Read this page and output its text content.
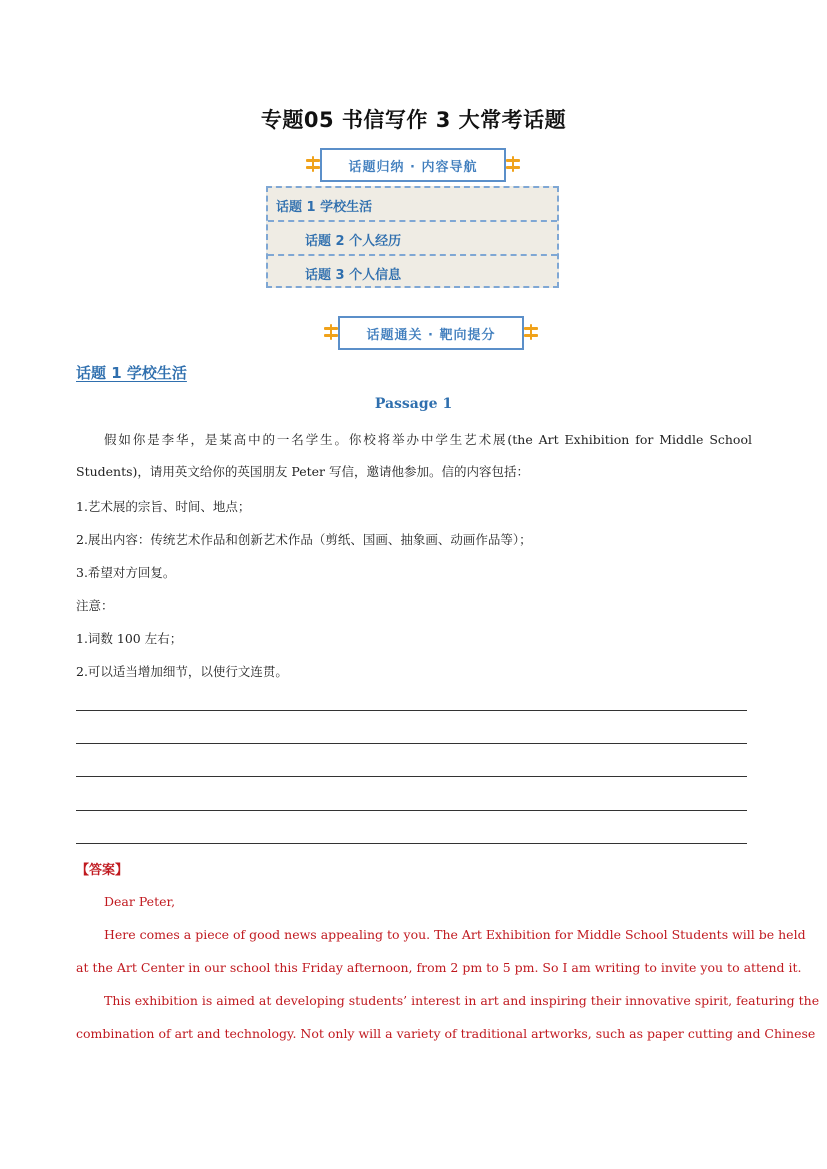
专题05 书信写作 3 大常考话题
话题归纳 · 内容导航
话题 1 学校生活
话题 2 个人经历
话题 3 个人信息
话题通关 · 靶向提分
话题 1 学校生活
Passage 1
假如你是李华，是某高中的一名学生。你校将举办中学生艺术展(the Art Exhibition for Middle School
Students)，请用英文给你的英国朋友 Peter 写信，邀请他参加。信的内容包括：
1.艺术展的宗旨、时间、地点；
2.展出内容：传统艺术作品和创新艺术作品（剪纸、国画、抽象画、动画作品等）；
3.希望对方回复。
注意：
1.词数 100 左右；
2.可以适当增加细节，以使行文连贯。
【答案】
Dear Peter,
Here comes a piece of good news appealing to you. The Art Exhibition for Middle School Students will be held
at the Art Center in our school this Friday afternoon, from 2 pm to 5 pm. So I am writing to invite you to attend it.
This exhibition is aimed at developing students’ interest in art and inspiring their innovative spirit, featuring the
combination of art and technology. Not only will a variety of traditional artworks, such as paper cutting and Chinese
